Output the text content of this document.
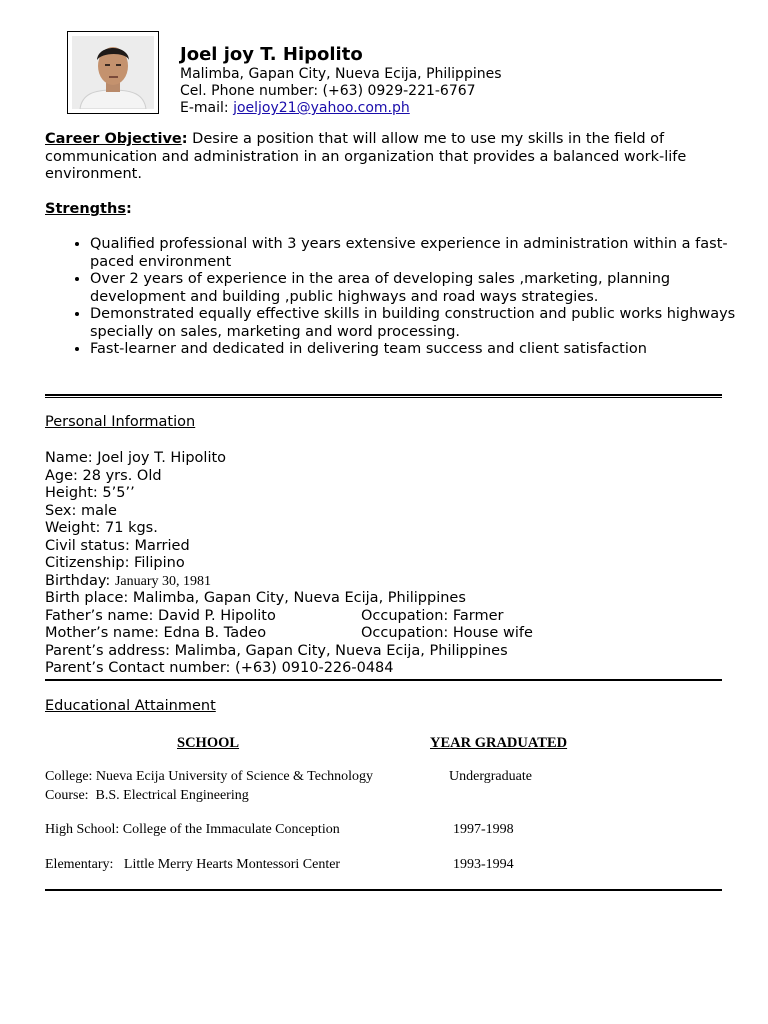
Joel joy T. Hipolito
Malimba, Gapan City, Nueva Ecija, Philippines
Cel. Phone number: (+63) 0929-221-6767
E-mail: joeljoy21@yahoo.com.ph
Career Objective: Desire a position that will allow me to use my skills in the field of communication and administration in an organization that provides a balanced work-life environment.
Strengths:
• Qualified professional with 3 years extensive experience in administration within a fast-paced environment
• Over 2 years of experience in the area of developing sales ,marketing, planning development and building ,public highways and road ways strategies.
• Demonstrated equally effective skills in building construction and public works highways specially on sales, marketing and word processing.
• Fast-learner and dedicated in delivering team success and client satisfaction
Personal Information
Name: Joel joy T. Hipolito
Age: 28 yrs. Old
Height: 5’5’’
Sex: male
Weight: 71 kgs.
Civil status: Married
Citizenship: Filipino
Birthday: January 30, 1981
Birth place: Malimba, Gapan City, Nueva Ecija, Philippines
Father’s name: David P. Hipolito	Occupation: Farmer
Mother’s name: Edna B. Tadeo	Occupation: House wife
Parent’s address: Malimba, Gapan City, Nueva Ecija, Philippines
Parent’s Contact number: (+63) 0910-226-0484
Educational Attainment
SCHOOL	YEAR GRADUATED
College: Nueva Ecija University of Science & Technology	Undergraduate
Course:  B.S. Electrical Engineering
High School: College of the Immaculate Conception	1997-1998
Elementary:   Little Merry Hearts Montessori Center	1993-1994
